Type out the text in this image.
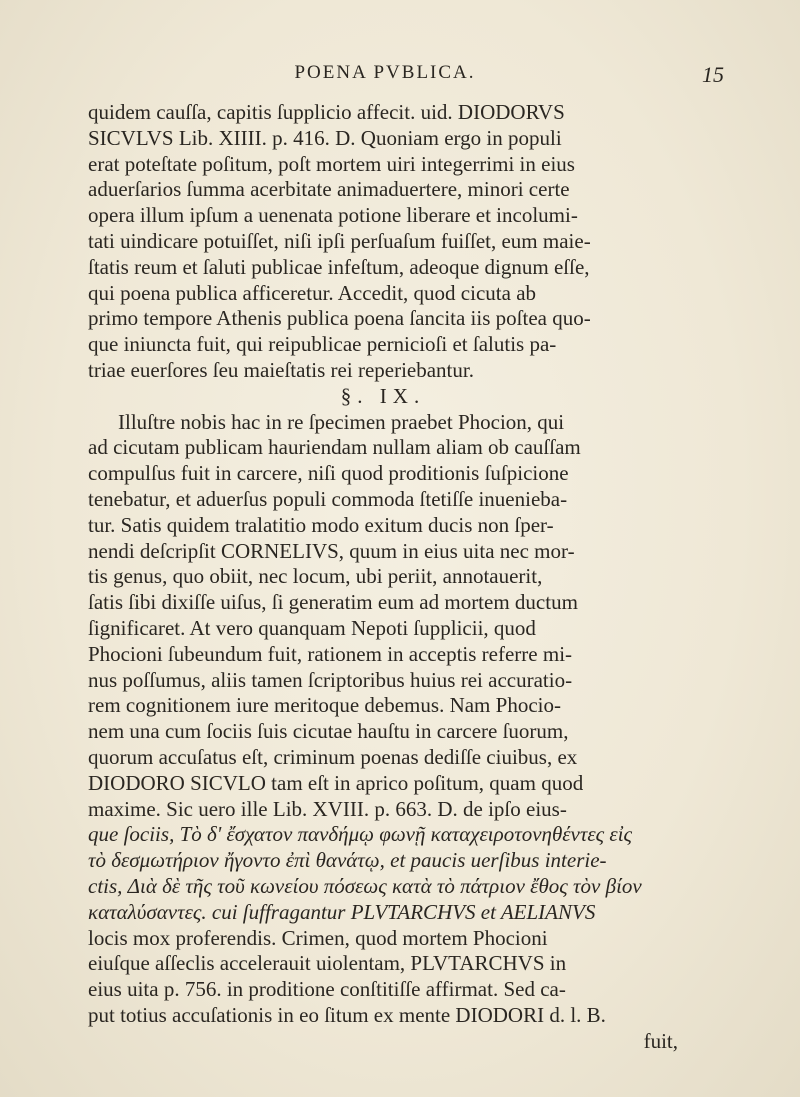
POENA PVBLICA.	15
quidem cauſſa, capitis ſupplicio affecit. uid. DIODORVS
SICVLVS Lib. XIIII. p. 416. D. Quoniam ergo in populi
erat poteſtate poſitum, poſt mortem uiri integerrimi in eius
aduerſarios ſumma acerbitate animaduertere, minori certe
opera illum ipſum a uenenata potione liberare et incolumi-
tati uindicare potuiſſet, niſi ipſi perſuaſum fuiſſet, eum maie-
ſtatis reum et ſaluti publicae infeſtum, adeoque dignum eſſe,
qui poena publica afficeretur. Accedit, quod cicuta ab
primo tempore Athenis publica poena ſancita iis poſtea quo-
que iniuncta fuit, qui reipublicae pernicioſi et ſalutis pa-
triae euerſores ſeu maieſtatis rei reperiebantur.
§. IX.
Illuſtre nobis hac in re ſpecimen praebet Phocion, qui
ad cicutam publicam hauriendam nullam aliam ob cauſſam
compulſus fuit in carcere, niſi quod proditionis ſuſpicione
tenebatur, et aduerſus populi commoda ſtetiſſe inuenieba-
tur. Satis quidem tralatitio modo exitum ducis non ſper-
nendi deſcripſit CORNELIVS, quum in eius uita nec mor-
tis genus, quo obiit, nec locum, ubi periit, annotauerit,
ſatis ſibi dixiſſe uiſus, ſi generatim eum ad mortem ductum
ſignificaret. At vero quanquam Nepoti ſupplicii, quod
Phocioni ſubeundum fuit, rationem in acceptis referre mi-
nus poſſumus, aliis tamen ſcriptoribus huius rei accuratio-
rem cognitionem iure meritoque debemus. Nam Phocio-
nem una cum ſociis ſuis cicutae hauſtu in carcere ſuorum,
quorum accuſatus eſt, criminum poenas dediſſe ciuibus, ex
DIODORO SICVLO tam eſt in aprico poſitum, quam quod
maxime. Sic uero ille Lib. XVIII. p. 663. D. de ipſo eius-
que ſociis, Τὸ δ' ἔσχατον πανδήμῳ φωνῇ καταχειροτονηθέντες εἰς
τὸ δεσμωτήριον ἤγοντο ἐπὶ θανάτῳ, et paucis uerſibus interie-
ctis, Διὰ δὲ τῆς τοῦ κωνείου πόσεως κατὰ τὸ πάτριον ἔθος τὸν βίον
καταλύσαντες. cui ſuffragantur PLVTARCHVS et AELIANVS
locis mox proferendis. Crimen, quod mortem Phocioni
eiuſque aſſeclis accelerauit uiolentam, PLVTARCHVS in
eius uita p. 756. in proditione conſtitiſſe affirmat. Sed ca-
put totius accuſationis in eo ſitum ex mente DIODORI d. l. B.
fuit,
